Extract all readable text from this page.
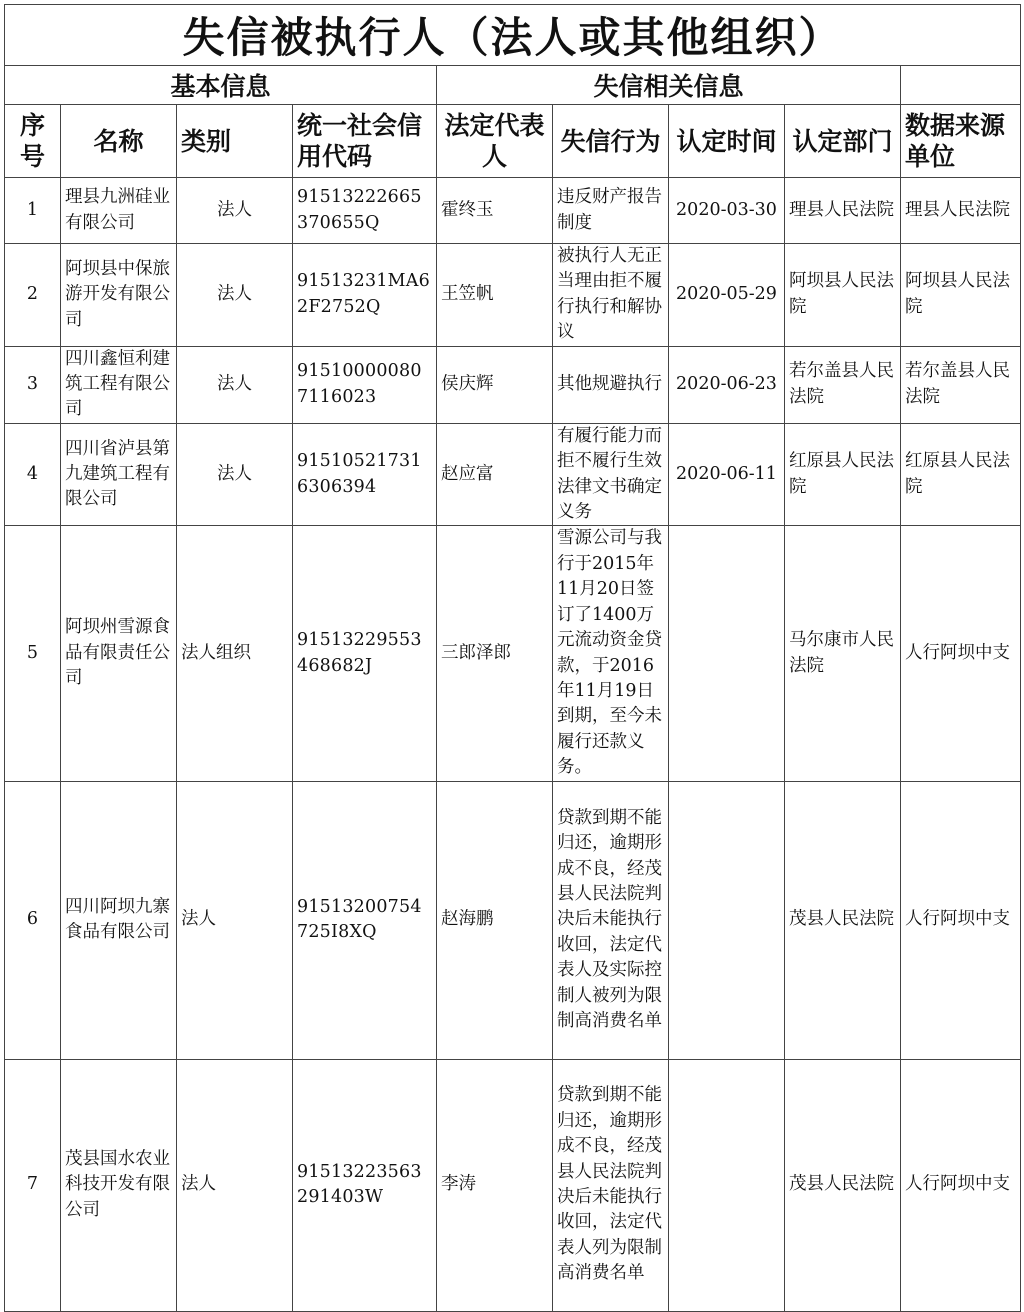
失信被执行人（法人或其他组织）								
基本信息				失信相关信息				
序号	名称	类别	统一社会信用代码	法定代表人	失信行为	认定时间	认定部门	数据来源单位
1	理县九洲硅业有限公司	法人	91513222665370655Q	霍终玉	违反财产报告制度	2020-03-30	理县人民法院	理县人民法院
2	阿坝县中保旅游开发有限公司	法人	91513231MA62F2752Q	王笠帆	被执行人无正当理由拒不履行执行和解协议	2020-05-29	阿坝县人民法院	阿坝县人民法院
3	四川鑫恒利建筑工程有限公司	法人	915100000807116023	侯庆辉	其他规避执行	2020-06-23	若尔盖县人民法院	若尔盖县人民法院
4	四川省泸县第九建筑工程有限公司	法人	915105217316306394	赵应富	有履行能力而拒不履行生效法律文书确定义务	2020-06-11	红原县人民法院	红原县人民法院
5	阿坝州雪源食品有限责任公司	法人组织	91513229553468682J	三郎泽郎	雪源公司与我行于2015年11月20日签订了1400万元流动资金贷款，于2016年11月19日到期，至今未履行还款义务。		马尔康市人民法院	人行阿坝中支
6	四川阿坝九寨食品有限公司	法人	91513200754725I8XQ	赵海鹏	贷款到期不能归还，逾期形成不良，经茂县人民法院判决后未能执行收回，法定代表人及实际控制人被列为限制高消费名单		茂县人民法院	人行阿坝中支
7	茂县国水农业科技开发有限公司	法人	91513223563291403W	李涛	贷款到期不能归还，逾期形成不良，经茂县人民法院判决后未能执行收回，法定代表人列为限制高消费名单		茂县人民法院	人行阿坝中支
